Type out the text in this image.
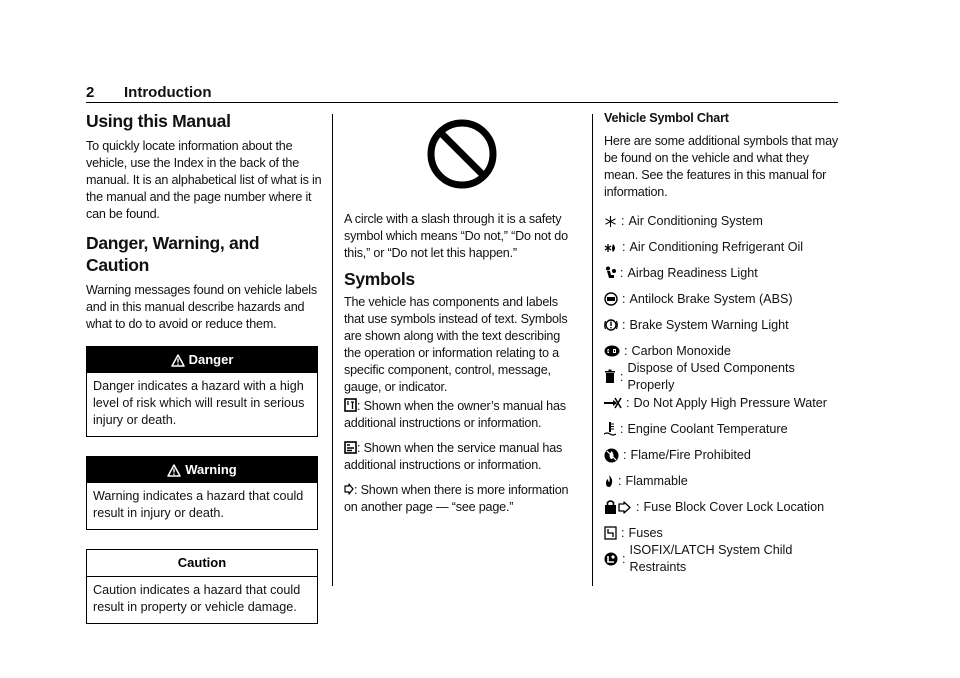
2 Introduction
Using this Manual

To quickly locate information about the vehicle, use the Index in the back of the manual. It is an alphabetical list of what is in the manual and the page number where it can be found.

Danger, Warning, and Caution

Warning messages found on vehicle labels and in this manual describe hazards and what to do to avoid or reduce them.

Danger
Danger indicates a hazard with a high level of risk which will result in serious injury or death.
Warning
Warning indicates a hazard that could result in injury or death.
Caution
Caution indicates a hazard that could result in property or vehicle damage.

A circle with a slash through it is a safety symbol which means “Do not,” “Do not do this,” or “Do not let this happen.”

Symbols

The vehicle has components and labels that use symbols instead of text. Symbols are shown along with the text describing the operation or information relating to a specific component, control, message, gauge, or indicator.

: Shown when the owner’s manual has additional instructions or information.

: Shown when the service manual has additional instructions or information.

: Shown when there is more information on another page — “see page.”

Vehicle Symbol Chart

Here are some additional symbols that may be found on the vehicle and what they mean. See the features in this manual for information.

: Air Conditioning System
: Air Conditioning Refrigerant Oil
: Airbag Readiness Light
: Antilock Brake System (ABS)
: Brake System Warning Light
: Carbon Monoxide
:
Dispose of Used Components Properly
: Do Not Apply High Pressure Water
: Engine Coolant Temperature
: Flame/Fire Prohibited
: Flammable
: Fuse Block Cover Lock Location
: Fuses
:
ISOFIX/LATCH System Child Restraints
